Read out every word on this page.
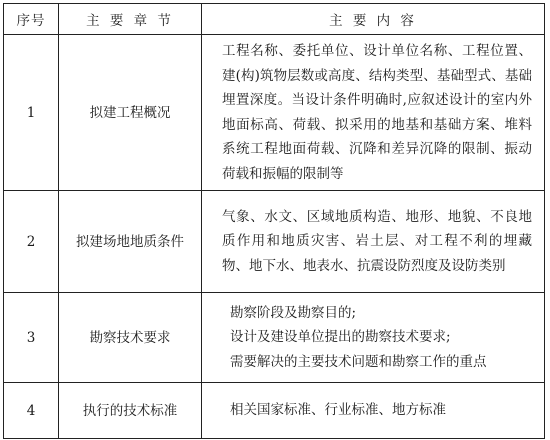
序号	主 要 章 节	主 要 内 容
1	拟建工程概况	工程名称、委托单位、设计单位名称、工程位置、建(构)筑物层数或高度、结构类型、基础型式、基础埋置深度。当设计条件明确时,应叙述设计的室内外地面标高、荷载、拟采用的地基和基础方案、堆料系统工程地面荷载、沉降和差异沉降的限制、振动荷载和振幅的限制等
2	拟建场地地质条件	气象、水文、区域地质构造、地形、地貌、不良地质作用和地质灾害、岩土层、对工程不利的埋藏物、地下水、地表水、抗震设防烈度及设防类别
3	勘察技术要求	勘察阶段及勘察目的;
设计及建设单位提出的勘察技术要求;
需要解决的主要技术问题和勘察工作的重点

4	执行的技术标准	相关国家标准、行业标准、地方标准
